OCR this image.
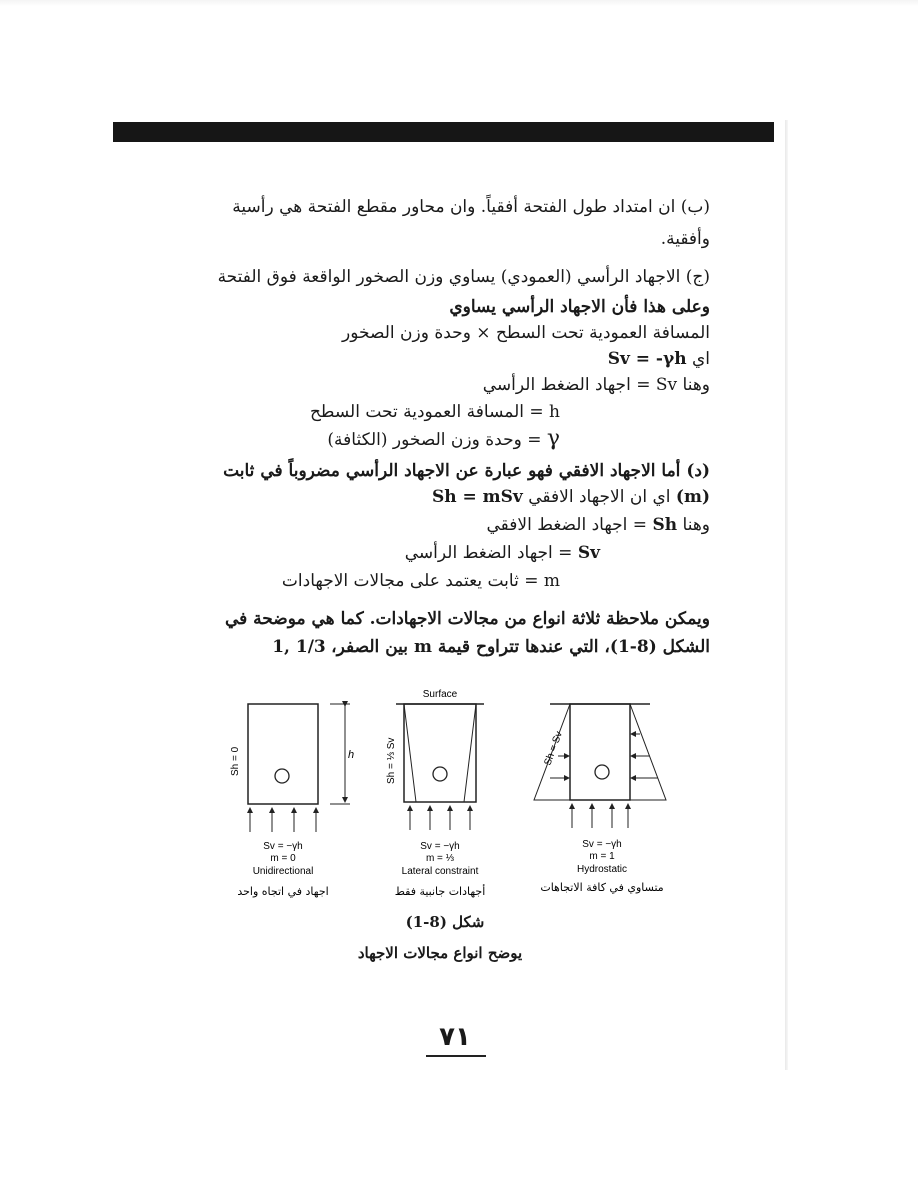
(ب) ان امتداد طول الفتحة أفقياً. وان محاور مقطع الفتحة هي رأسية
وأفقية.
(ج) الاجهاد الرأسي (العمودي) يساوي وزن الصخور الواقعة فوق الفتحة
وعلى هذا فأن الاجهاد الرأسي يساوي
المسافة العمودية تحت السطح × وحدة وزن الصخور
اي Sv = -γh
وهنا Sv = اجهاد الضغط الرأسي
h = المسافة العمودية تحت السطح
γ = وحدة وزن الصخور (الكثافة)
(د) أما الاجهاد الافقي فهو عبارة عن الاجهاد الرأسي مضروباً في ثابت
(m) اي ان الاجهاد الافقي Sh = mSv
وهنا Sh = اجهاد الضغط الافقي
Sv = اجهاد الضغط الرأسي
m = ثابت يعتمد على مجالات الاجهادات
ويمكن ملاحظة ثلاثة انواع من مجالات الاجهادات. كما هي موضحة في
الشكل (8-1)، التي عندها تتراوح قيمة m بين الصفر، 1, 1/3
h
Sh = 0
Sv = −γh
m = 0
Unidirectional
اجهاد في اتجاه واحد
Surface
Sh = ⅓ Sv
Sv = −γh
m = ⅓
Lateral constraint
أجهادات جانبية فقط
Sh = Sv
Sv = −γh
m = 1
Hydrostatic
متساوي في كافة الاتجاهات
شكل (8-1)
يوضح انواع مجالات الاجهاد
٧١
